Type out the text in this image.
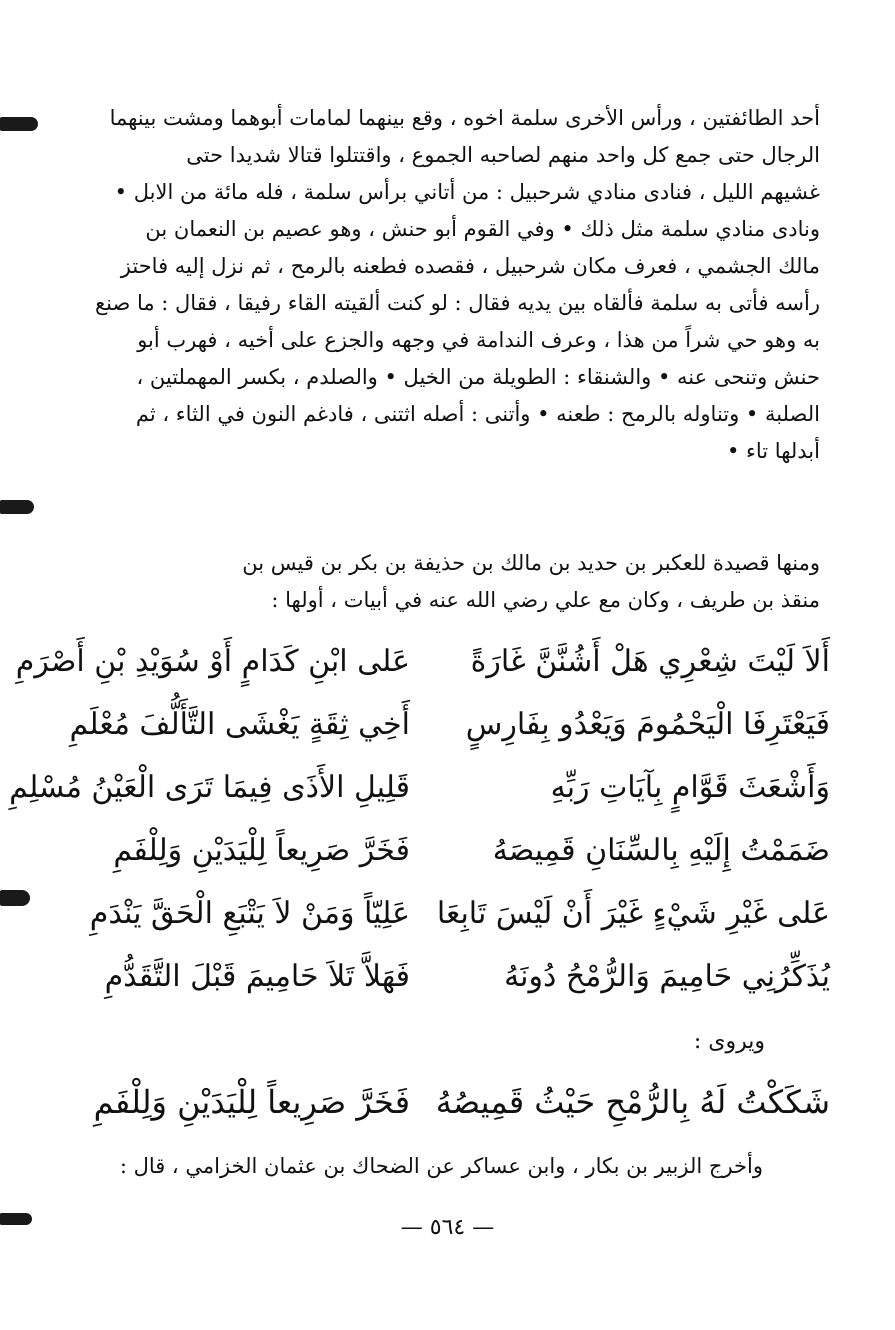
أحد الطائفتين ، ورأس الأخرى سلمة اخوه ، وقع بينهما لمامات أبوهما ومشت بينهما
الرجال حتى جمع كل واحد منهم لصاحبه الجموع ، واقتتلوا قتالا شديدا حتى
غشيهم الليل ، فنادى منادي شرحبيل : من أتاني برأس سلمة ، فله مائة من الابل •
ونادى منادي سلمة مثل ذلك • وفي القوم أبو حنش ، وهو عصيم بن النعمان بن
مالك الجشمي ، فعرف مكان شرحبيل ، فقصده فطعنه بالرمح ، ثم نزل إليه فاحتز
رأسه فأتى به سلمة فألقاه بين يديه فقال : لو كنت ألقيته القاء رفيقا ، فقال : ما صنع
به وهو حي شراً من هذا ، وعرف الندامة في وجهه والجزع على أخيه ، فهرب أبو
حنش وتنحى عنه • والشنقاء : الطويلة من الخيل • والصلدم ، بكسر المهملتين ،
الصلبة • وتناوله بالرمح : طعنه • وأتنى : أصله اثتنى ، فادغم النون في الثاء ، ثم
أبدلها تاء •
ومنها قصيدة للعكبر بن حديد بن مالك بن حذيفة بن بكر بن قيس بن
منقذ بن طريف ، وكان مع علي رضي الله عنه في أبيات ، أولها :
أَلاَ لَيْتَ شِعْرِي هَلْ أَشُنَّنَّ غَارَةً
عَلى ابْنِ كَدَامٍ أَوْ سُوَيْدِ بْنِ أَصْرَمِ
فَيَعْتَرِفَا الْيَحْمُومَ وَيَعْدُو بِفَارِسٍ
أَخِي ثِقَةٍ يَغْشَى التَّأَلُّفَ مُعْلَمِ
وَأَشْعَثَ قَوَّامٍ بِآيَاتِ رَبِّهِ
قَلِيلِ الأَذَى فِيمَا تَرَى الْعَيْنُ مُسْلِمِ
ضَمَمْتُ إِلَيْهِ بِالسِّنَانِ قَمِيصَهُ
فَخَرَّ صَرِيعاً لِلْيَدَيْنِ وَلِلْفَمِ
عَلى غَيْرِ شَيْءٍ غَيْرَ أَنْ لَيْسَ تَابِعَا
عَلِيّاً وَمَنْ لاَ يَتْبَعِ الْحَقَّ يَنْدَمِ
يُذَكِّرُنِي حَامِيمَ وَالرُّمْحُ دُونَهُ
فَهَلاَّ تَلاَ حَامِيمَ قَبْلَ التَّقَدُّمِ
ويروى :
شَكَكْتُ لَهُ بِالرُّمْحِ حَيْثُ قَمِيصُهُ
فَخَرَّ صَرِيعاً لِلْيَدَيْنِ وَلِلْفَمِ
وأخرج الزبير بن بكار ، وابن عساكر عن الضحاك بن عثمان الخزامي ، قال :
— ٥٦٤ —
